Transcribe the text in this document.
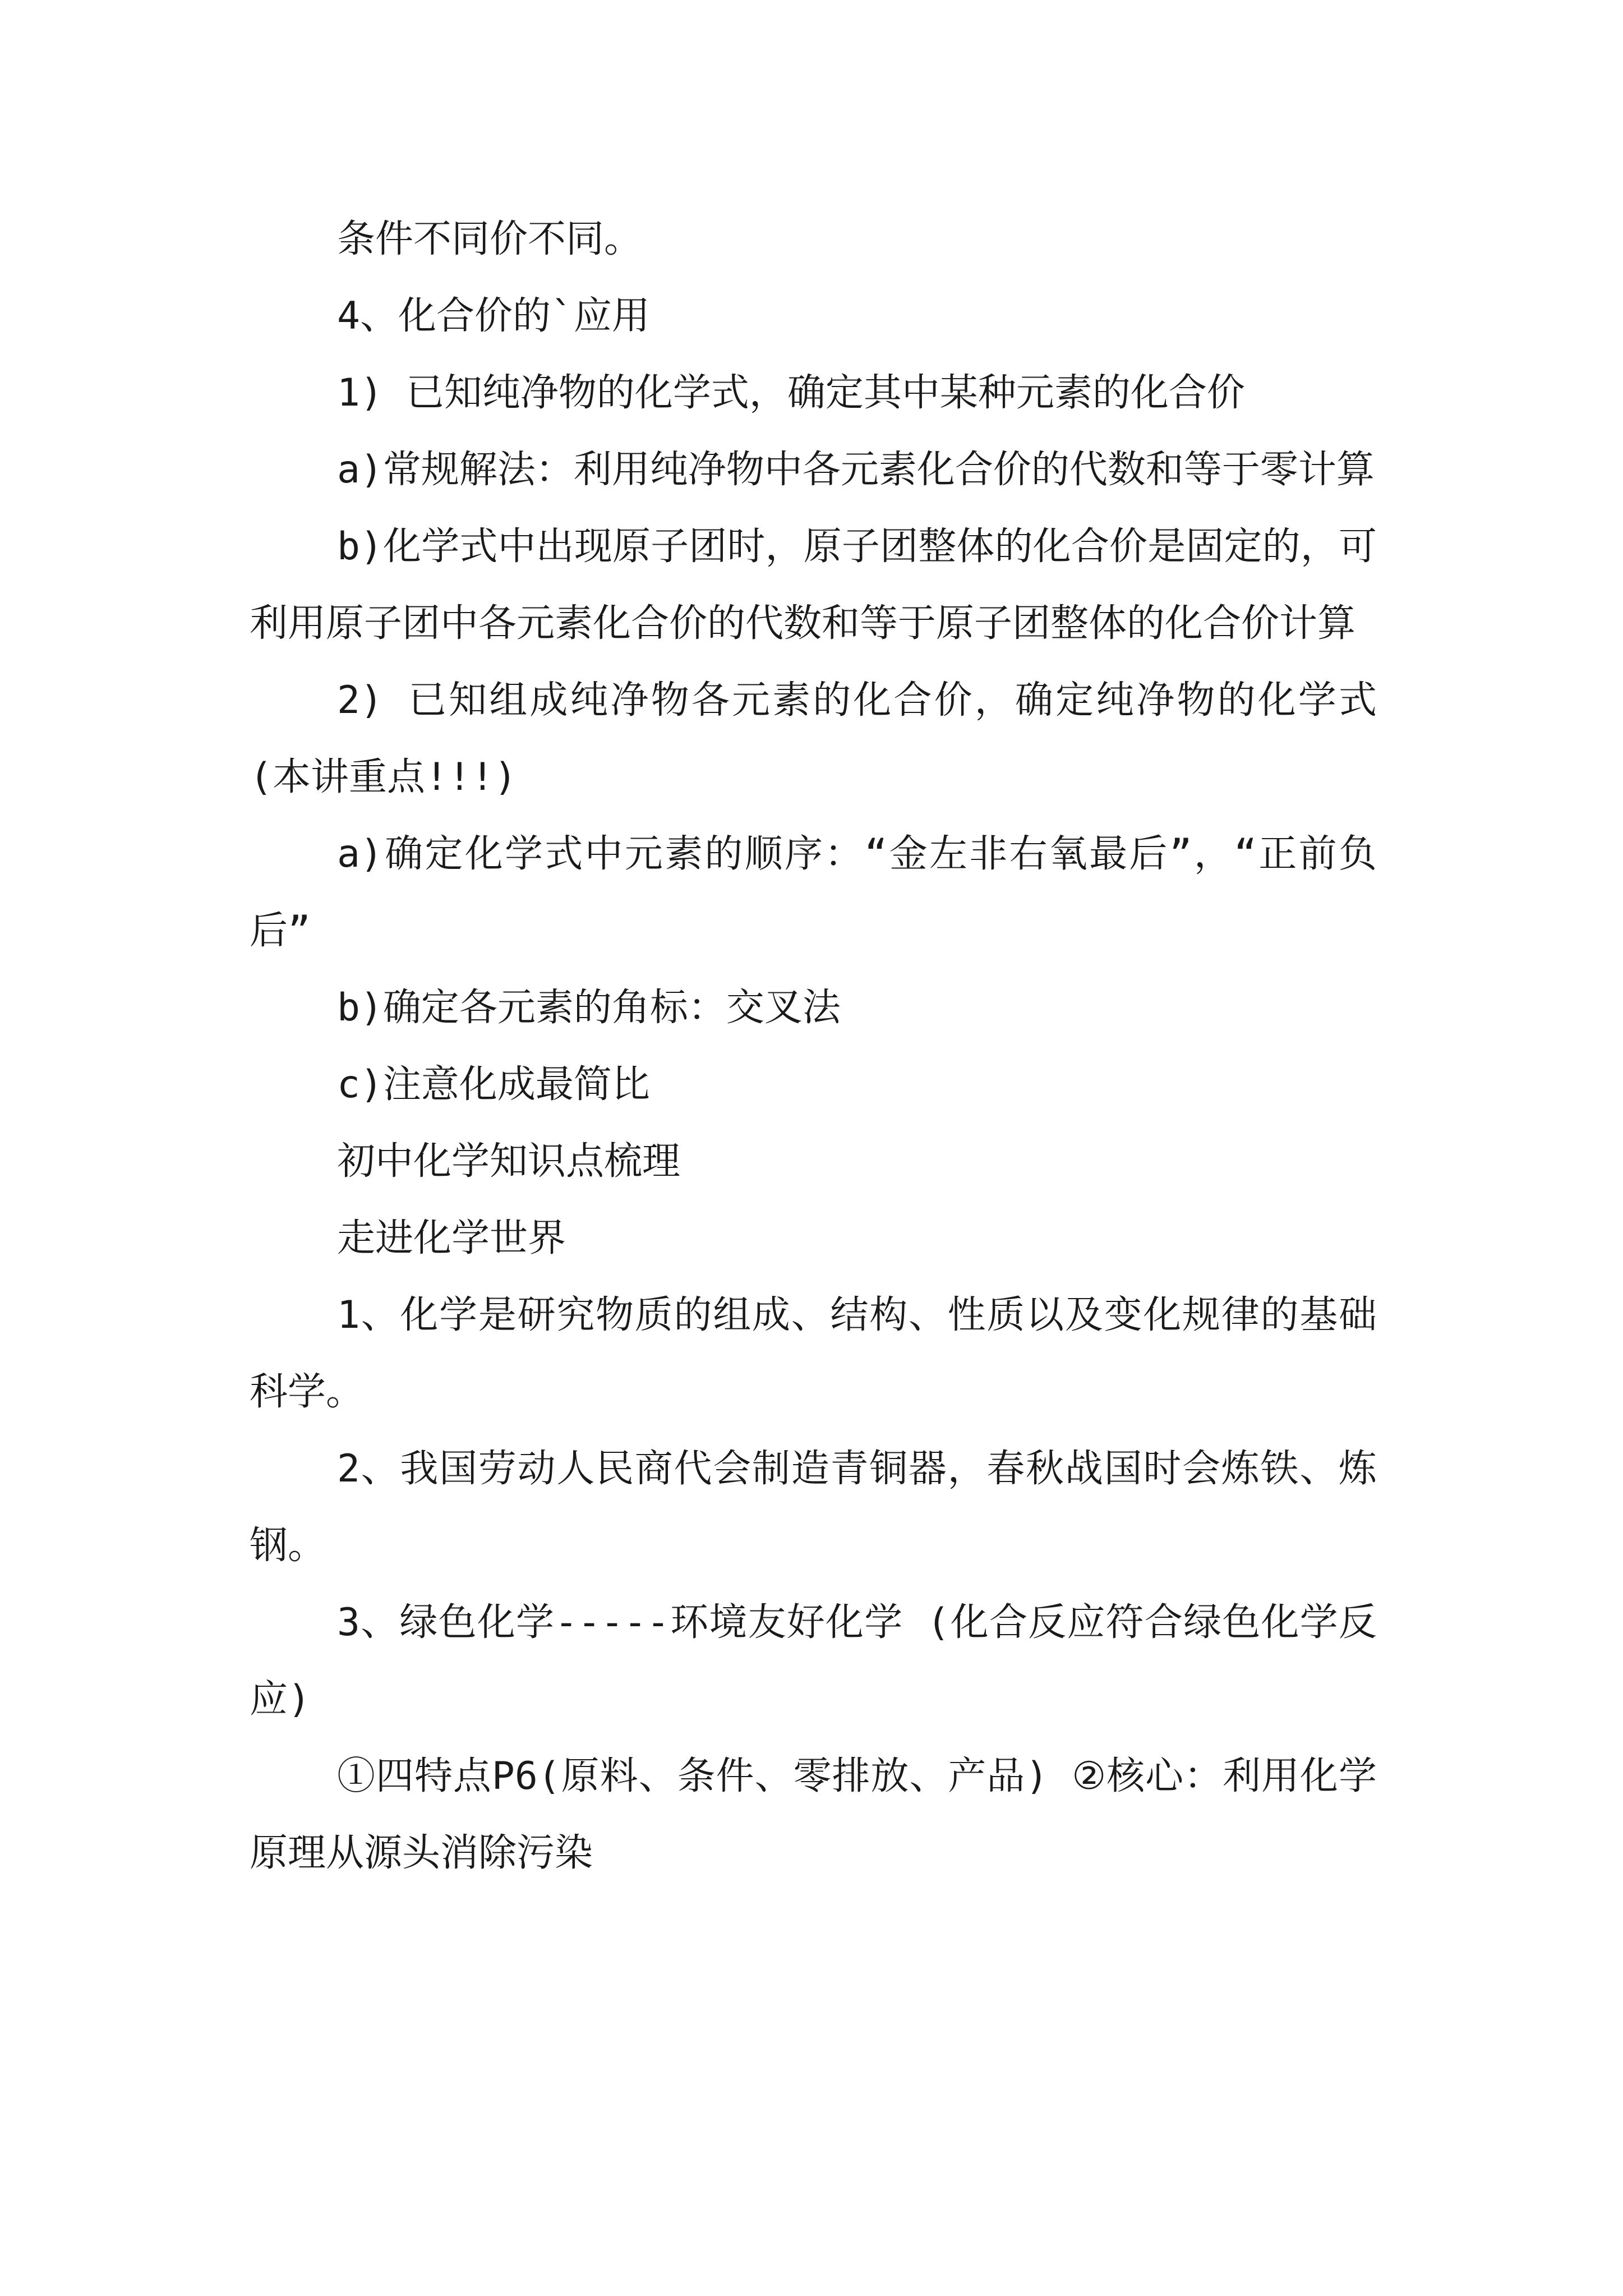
条件不同价不同。

4、化合价的`应用

1) 已知纯净物的化学式，确定其中某种元素的化合价

a)常规解法：利用纯净物中各元素化合价的代数和等于零计算

b)化学式中出现原子团时，原子团整体的化合价是固定的，可利用原子团中各元素化合价的代数和等于原子团整体的化合价计算

2) 已知组成纯净物各元素的化合价，确定纯净物的化学式(本讲重点!!!)

a)确定化学式中元素的顺序：“金左非右氧最后”，“正前负后”

b)确定各元素的角标：交叉法

c)注意化成最简比

初中化学知识点梳理

走进化学世界

1、化学是研究物质的组成、结构、性质以及变化规律的基础科学。

2、我国劳动人民商代会制造青铜器，春秋战国时会炼铁、炼钢。

3、绿色化学-----环境友好化学 (化合反应符合绿色化学反应)

①四特点P6(原料、条件、零排放、产品) ②核心：利用化学原理从源头消除污染
